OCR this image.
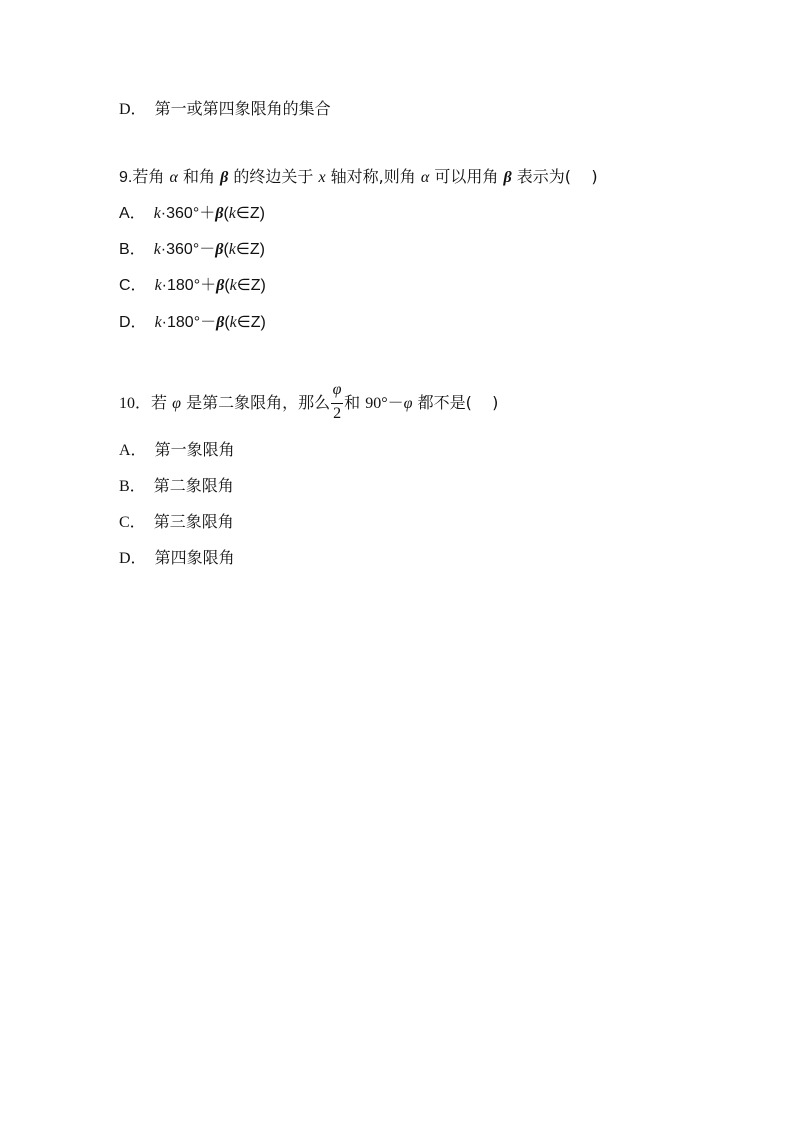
D． 第一或第四象限角的集合
9.若角 α 和角 β 的终边关于 x 轴对称,则角 α 可以用角 β 表示为(    )
A． k·360°＋β(k∈Z)
B． k·360°－β(k∈Z)
C． k·180°＋β(k∈Z)
D． k·180°－β(k∈Z)
10．若 φ 是第二象限角，那么 $\frac{\varphi}{2}$ 和 90°－φ 都不是(    )
A． 第一象限角
B． 第二象限角
C． 第三象限角
D． 第四象限角
